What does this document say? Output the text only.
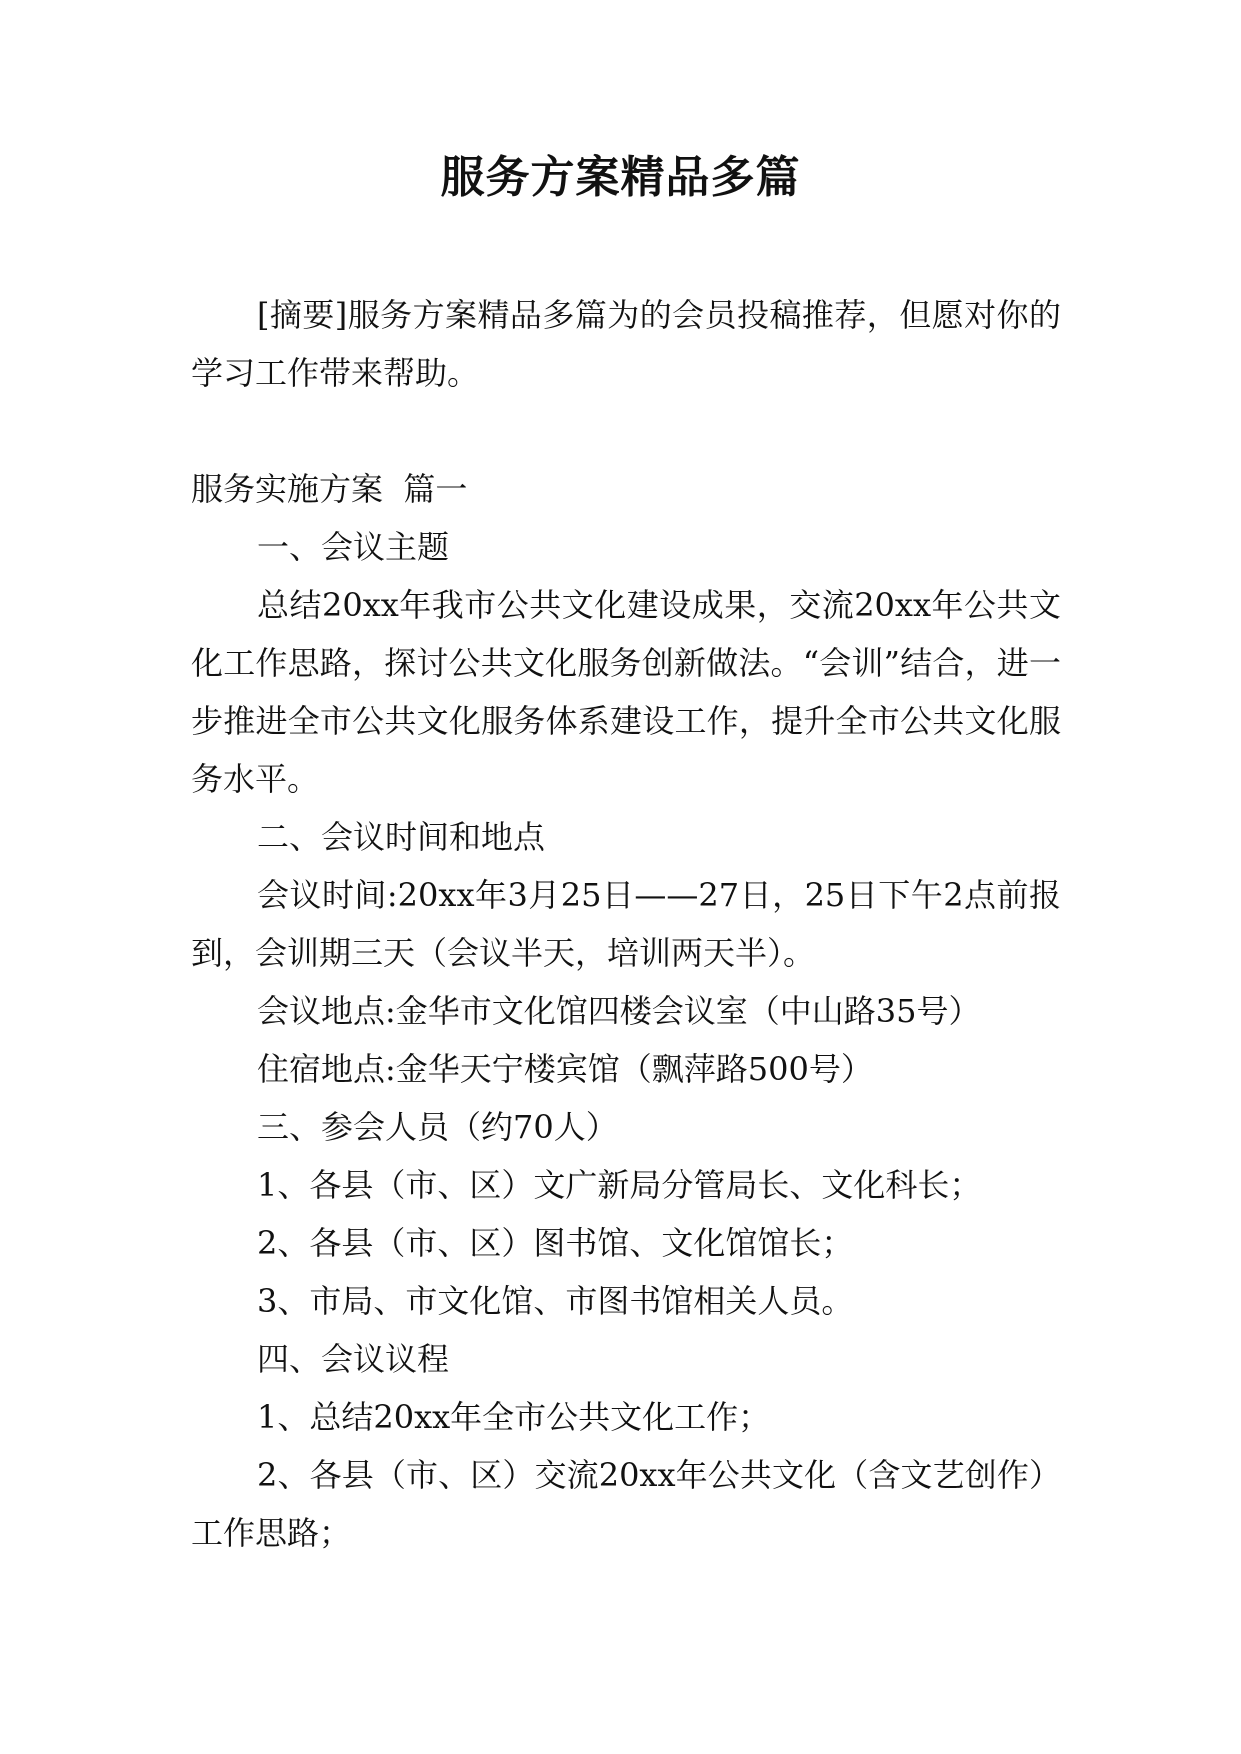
服务方案精品多篇

[摘要]服务方案精品多篇为的会员投稿推荐，但愿对你的学习工作带来帮助。

服务实施方案  篇一

一、会议主题

总结20xx年我市公共文化建设成果，交流20xx年公共文化工作思路，探讨公共文化服务创新做法。“会训”结合，进一步推进全市公共文化服务体系建设工作，提升全市公共文化服务水平。

二、会议时间和地点

会议时间:20xx年3月25日——27日，25日下午2点前报到，会训期三天（会议半天，培训两天半）。

会议地点:金华市文化馆四楼会议室（中山路35号）

住宿地点:金华天宁楼宾馆（飘萍路500号）

三、参会人员（约70人）

1、各县（市、区）文广新局分管局长、文化科长；

2、各县（市、区）图书馆、文化馆馆长；

3、市局、市文化馆、市图书馆相关人员。

四、会议议程

1、总结20xx年全市公共文化工作；

2、各县（市、区）交流20xx年公共文化（含文艺创作）工作思路；
